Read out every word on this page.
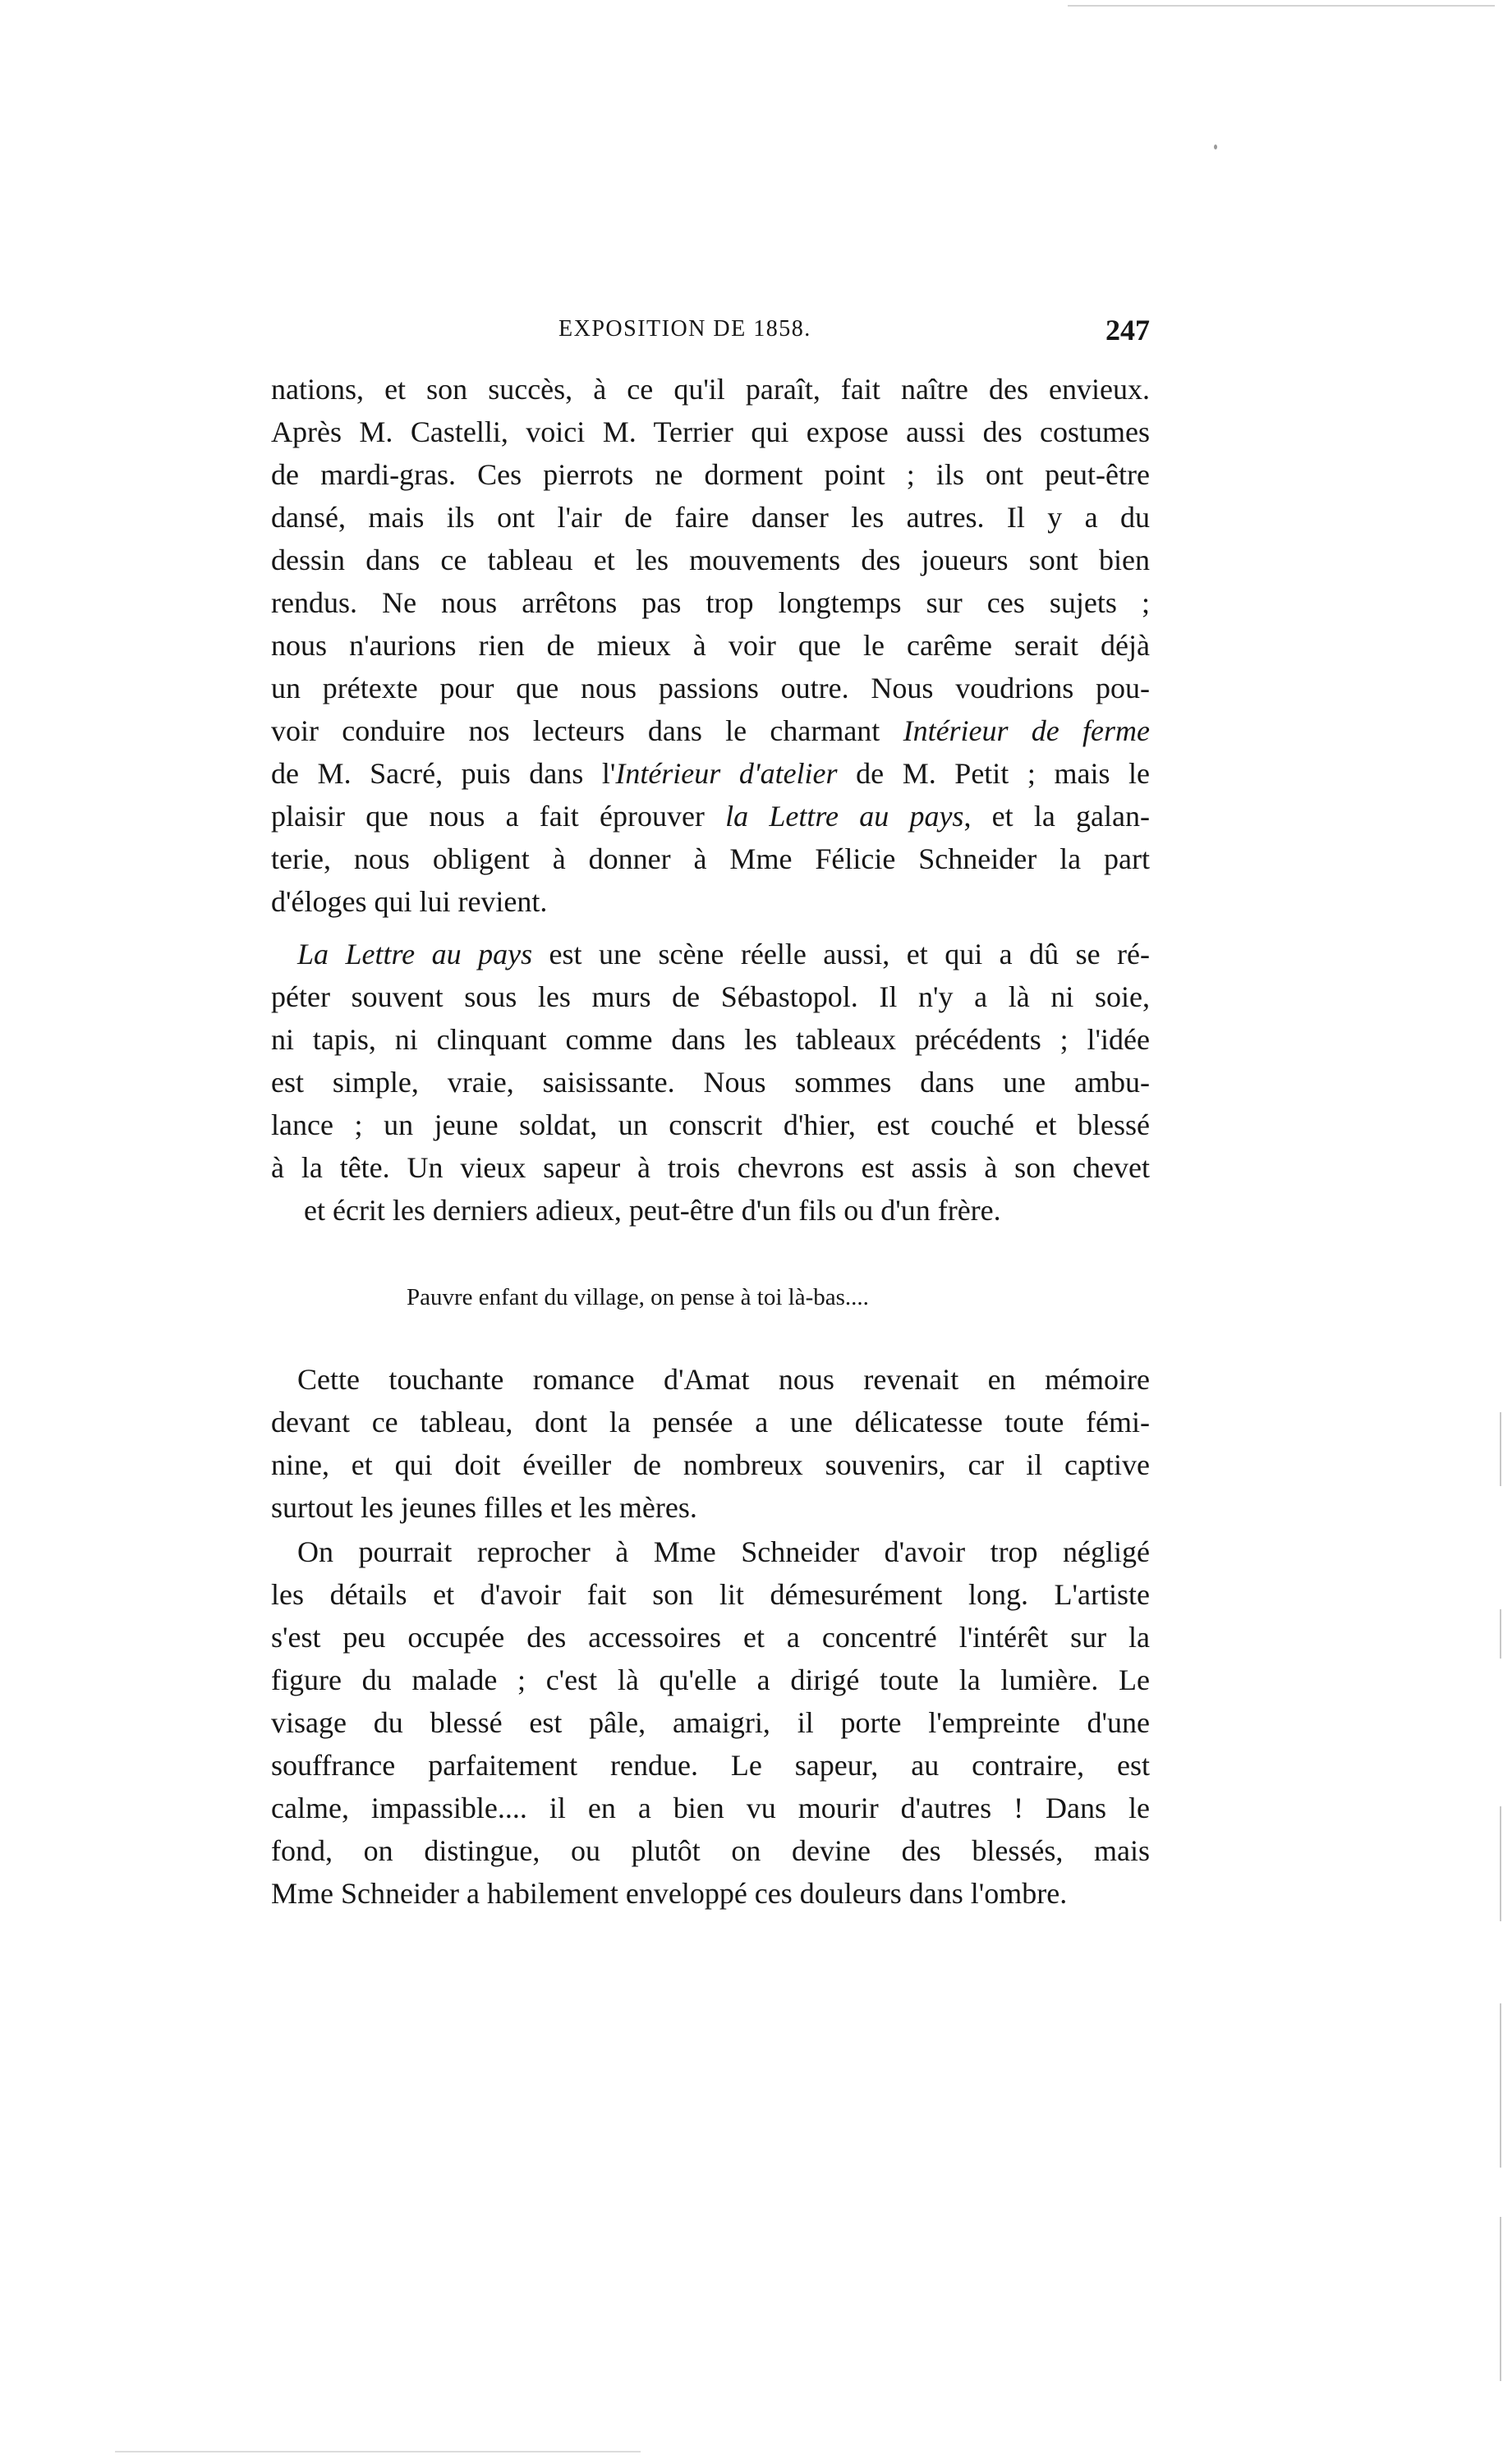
EXPOSITION DE 1858.	247
nations, et son succès, à ce qu'il paraît, fait naître des envieux.
Après M. Castelli, voici M. Terrier qui expose aussi des costumes
de mardi-gras. Ces pierrots ne dorment point ; ils ont peut-être
dansé, mais ils ont l'air de faire danser les autres. Il y a du
dessin dans ce tableau et les mouvements des joueurs sont bien
rendus. Ne nous arrêtons pas trop longtemps sur ces sujets ;
nous n'aurions rien de mieux à voir que le carême serait déjà
un prétexte pour que nous passions outre. Nous voudrions pou-
voir conduire nos lecteurs dans le charmant Intérieur de ferme
de M. Sacré, puis dans l'Intérieur d'atelier de M. Petit ; mais le
plaisir que nous a fait éprouver la Lettre au pays, et la galan-
terie, nous obligent à donner à Mme Félicie Schneider la part
d'éloges qui lui revient.
La Lettre au pays est une scène réelle aussi, et qui a dû se ré-
péter souvent sous les murs de Sébastopol. Il n'y a là ni soie,
ni tapis, ni clinquant comme dans les tableaux précédents ; l'idée
est simple, vraie, saisissante. Nous sommes dans une ambu-
lance ; un jeune soldat, un conscrit d'hier, est couché et blessé
à la tête. Un vieux sapeur à trois chevrons est assis à son chevet
et écrit les derniers adieux, peut-être d'un fils ou d'un frère.
Pauvre enfant du village, on pense à toi là-bas....
Cette touchante romance d'Amat nous revenait en mémoire
devant ce tableau, dont la pensée a une délicatesse toute fémi-
nine, et qui doit éveiller de nombreux souvenirs, car il captive
surtout les jeunes filles et les mères.
On pourrait reprocher à Mme Schneider d'avoir trop négligé
les détails et d'avoir fait son lit démesurément long. L'artiste
s'est peu occupée des accessoires et a concentré l'intérêt sur la
figure du malade ; c'est là qu'elle a dirigé toute la lumière. Le
visage du blessé est pâle, amaigri, il porte l'empreinte d'une
souffrance parfaitement rendue. Le sapeur, au contraire, est
calme, impassible.... il en a bien vu mourir d'autres ! Dans le
fond, on distingue, ou plutôt on devine des blessés, mais
Mme Schneider a habilement enveloppé ces douleurs dans l'ombre.
